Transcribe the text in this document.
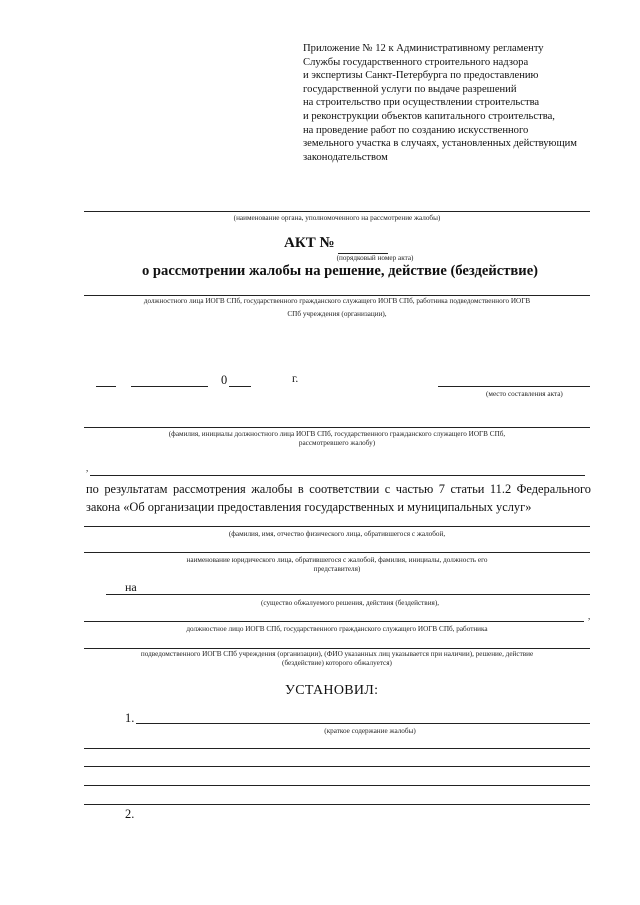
Приложение № 12 к Административному регламенту
Службы государственного строительного надзора
и экспертизы Санкт-Петербурга по предоставлению
государственной услуги по выдаче разрешений
на строительство при осуществлении строительства
и реконструкции объектов капитального строительства,
на проведение работ по созданию искусственного
земельного участка в случаях, установленных действующим
законодательством
(наименование органа, уполномоченного на рассмотрение жалобы)
АКТ №
(порядковый номер акта)
о рассмотрении жалобы на решение, действие (бездействие)
должностного лица ИОГВ СПб, государственного гражданского служащего ИОГВ СПб, работника подведомственного ИОГВ
СПб учреждения (организации),
0	г.
(место составления акта)
(фамилия, инициалы должностного лица ИОГВ СПб, государственного гражданского служащего ИОГВ СПб,
рассмотревшего жалобу)
,
по результатам рассмотрения жалобы в соответствии с частью 7 статьи 11.2 Федерального закона «Об организации предоставления государственных и муниципальных услуг»
(фамилия, имя, отчество физического лица, обратившегося с жалобой,
наименование юридического лица, обратившегося с жалобой, фамилия, инициалы, должность его
представителя)
на
(существо обжалуемого решения, действия (бездействия),
,
должностное лицо ИОГВ СПб, государственного гражданского служащего ИОГВ СПб, работника
подведомственного ИОГВ СПб учреждения (организации), (ФИО указанных лиц указывается при наличии), решение, действие
(бездействие) которого обжалуется)
УСТАНОВИЛ:
1.
(краткое содержание жалобы)
2.
